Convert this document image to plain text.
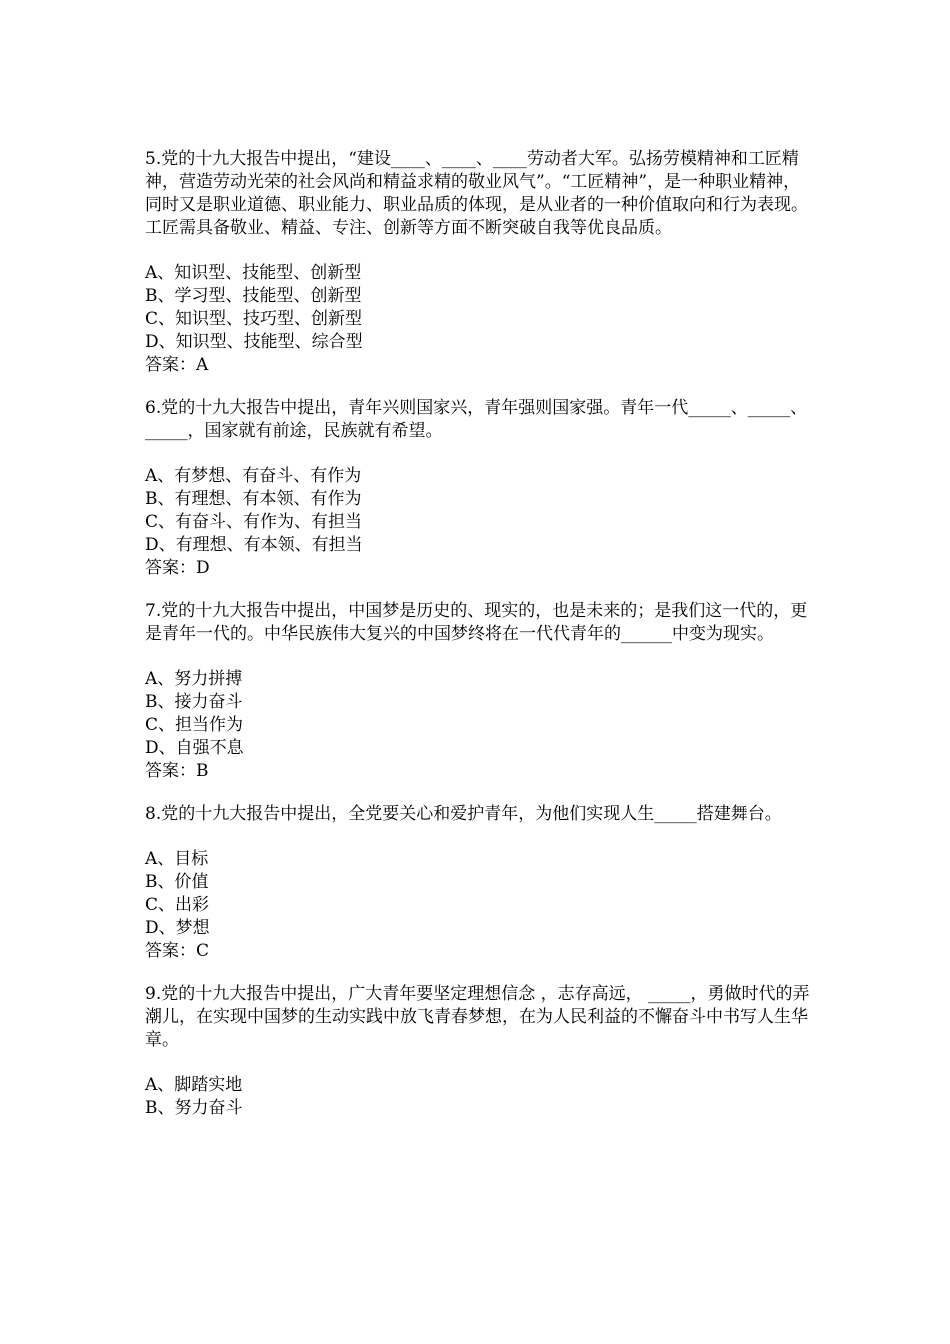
5.党的十九大报告中提出，“建设____、____、____劳动者大军。弘扬劳模精神和工匠精神，营造劳动光荣的社会风尚和精益求精的敬业风气”。“工匠精神”，是一种职业精神，同时又是职业道德、职业能力、职业品质的体现，是从业者的一种价值取向和行为表现。工匠需具备敬业、精益、专注、创新等方面不断突破自我等优良品质。

A、知识型、技能型、创新型

B、学习型、技能型、创新型

C、知识型、技巧型、创新型

D、知识型、技能型、综合型

答案：A

6.党的十九大报告中提出，青年兴则国家兴，青年强则国家强。青年一代_____、_____、_____，国家就有前途，民族就有希望。

A、有梦想、有奋斗、有作为

B、有理想、有本领、有作为

C、有奋斗、有作为、有担当

D、有理想、有本领、有担当

答案：D

7.党的十九大报告中提出，中国梦是历史的、现实的，也是未来的；是我们这一代的，更是青年一代的。中华民族伟大复兴的中国梦终将在一代代青年的______中变为现实。

A、努力拼搏

B、接力奋斗

C、担当作为

D、自强不息

答案：B

8.党的十九大报告中提出，全党要关心和爱护青年，为他们实现人生_____搭建舞台。

A、目标

B、价值

C、出彩

D、梦想

答案：C

9.党的十九大报告中提出，广大青年要坚定理想信念 ，志存高远， _____，勇做时代的弄潮儿，在实现中国梦的生动实践中放飞青春梦想，在为人民利益的不懈奋斗中书写人生华章。

A、脚踏实地

B、努力奋斗
